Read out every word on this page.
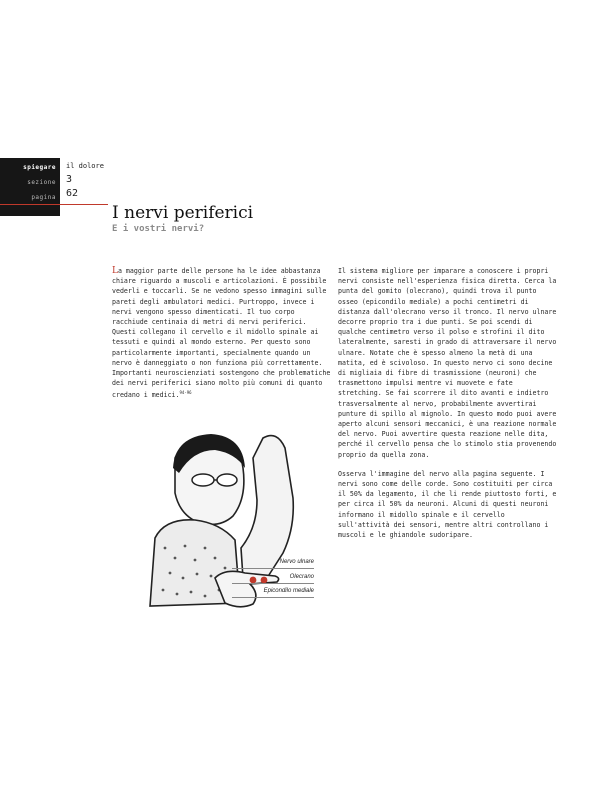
spiegare
sezione
pagina
il dolore
3
62
I nervi periferici
E i vostri nervi?

La maggior parte delle persone ha le idee abbastanza chiare riguardo a muscoli e articolazioni. È possibile vederli e toccarli. Se ne vedono spesso immagini sulle pareti degli ambulatori medici. Purtroppo, invece i nervi vengono spesso dimenticati. Il tuo corpo racchiude centinaia di metri di nervi periferici. Questi collegano il cervello e il midollo spinale ai tessuti e quindi al mondo esterno. Per questo sono particolarmente importanti, specialmente quando un nervo è danneggiato o non funziona più correttamente. Importanti neuroscienziati sostengono che problematiche dei nervi periferici siano molto più comuni di quanto credano i medici.$^{94-96}$

Il sistema migliore per imparare a conoscere i propri nervi consiste nell'esperienza fisica diretta. Cerca la punta del gomito (olecrano), quindi trova il punto osseo (epicondilo mediale) a pochi centimetri di distanza dall'olecrano verso il tronco. Il nervo ulnare decorre proprio tra i due punti. Se poi scendi di qualche centimetro verso il polso e strofini il dito lateralmente, saresti in grado di attraversare il nervo ulnare. Notate che è spesso almeno la metà di una matita, ed è scivoloso. In questo nervo ci sono decine di migliaia di fibre di trasmissione (neuroni) che trasmettono impulsi mentre vi muovete e fate stretching. Se fai scorrere il dito avanti e indietro trasversalmente al nervo, probabilmente avvertirai punture di spillo al mignolo. In questo modo puoi avere aperto alcuni sensori meccanici, è una reazione normale del nervo. Puoi avvertire questa reazione nelle dita, perché il cervello pensa che lo stimolo stia provenendo proprio da quella zona.

Osserva l'immagine del nervo alla pagina seguente. I nervi sono come delle corde. Sono costituiti per circa il 50% da legamento, il che li rende piuttosto forti, e per circa il 50% da neuroni. Alcuni di questi neuroni informano il midollo spinale e il cervello sull'attività dei sensori, mentre altri controllano i muscoli e le ghiandole sudoripare.

Nervo ulnare
Olecrano
Epicondilo mediale
